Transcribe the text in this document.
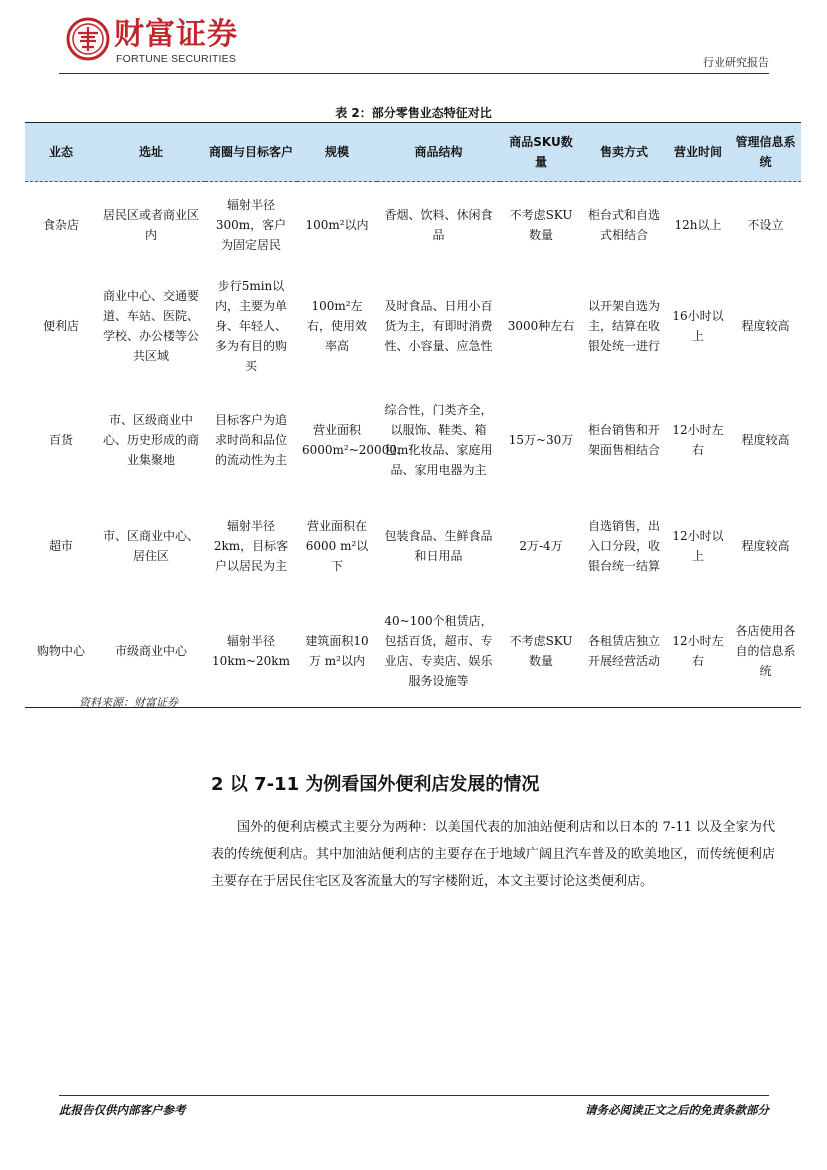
财富证券
FORTUNE SECURITIES	行业研究报告
表 2：部分零售业态特征对比
业态	选址	商圈与目标客户	规模	商品结构	商品SKU数量	售卖方式	营业时间	管理信息系统
食杂店	居民区或者商业区内	辐射半径300m，客户为固定居民	100m²以内	香烟、饮料、休闲食品	不考虑SKU数量	柜台式和自选式相结合	12h以上	不设立
便利店	商业中心、交通要道、车站、医院、学校、办公楼等公共区域	步行5min以内，主要为单身、年轻人、多为有目的购买	100m²左右，使用效率高	及时食品、日用小百货为主，有即时消费性、小容量、应急性	3000种左右	以开架自选为主，结算在收银处统一进行	16小时以上	程度较高
百货	市、区级商业中心、历史形成的商业集聚地	目标客户为追求时尚和品位的流动性为主	营业面积6000m²~20000m²	综合性，门类齐全，以服饰、鞋类、箱包、化妆品、家庭用品、家用电器为主	15万~30万	柜台销售和开架面售相结合	12小时左右	程度较高
超市	市、区商业中心、居住区	辐射半径2km，目标客户以居民为主	营业面积在6000 m²以下	包装食品、生鲜食品和日用品	2万-4万	自选销售，出入口分段，收银台统一结算	12小时以上	程度较高
购物中心	市级商业中心	辐射半径10km~20km	建筑面积10万 m²以内	40~100个租赁店，包括百货，超市、专业店、专卖店、娱乐服务设施等	不考虑SKU数量	各租赁店独立开展经营活动	12小时左右	各店使用各自的信息系统
资料来源：财富证券
2 以 7-11 为例看国外便利店发展的情况
国外的便利店模式主要分为两种：以美国代表的加油站便利店和以日本的 7-11 以及全家为代表的传统便利店。其中加油站便利店的主要存在于地域广阔且汽车普及的欧美地区，而传统便利店主要存在于居民住宅区及客流量大的写字楼附近，本文主要讨论这类便利店。
此报告仅供内部客户参考	请务必阅读正文之后的免责条款部分
